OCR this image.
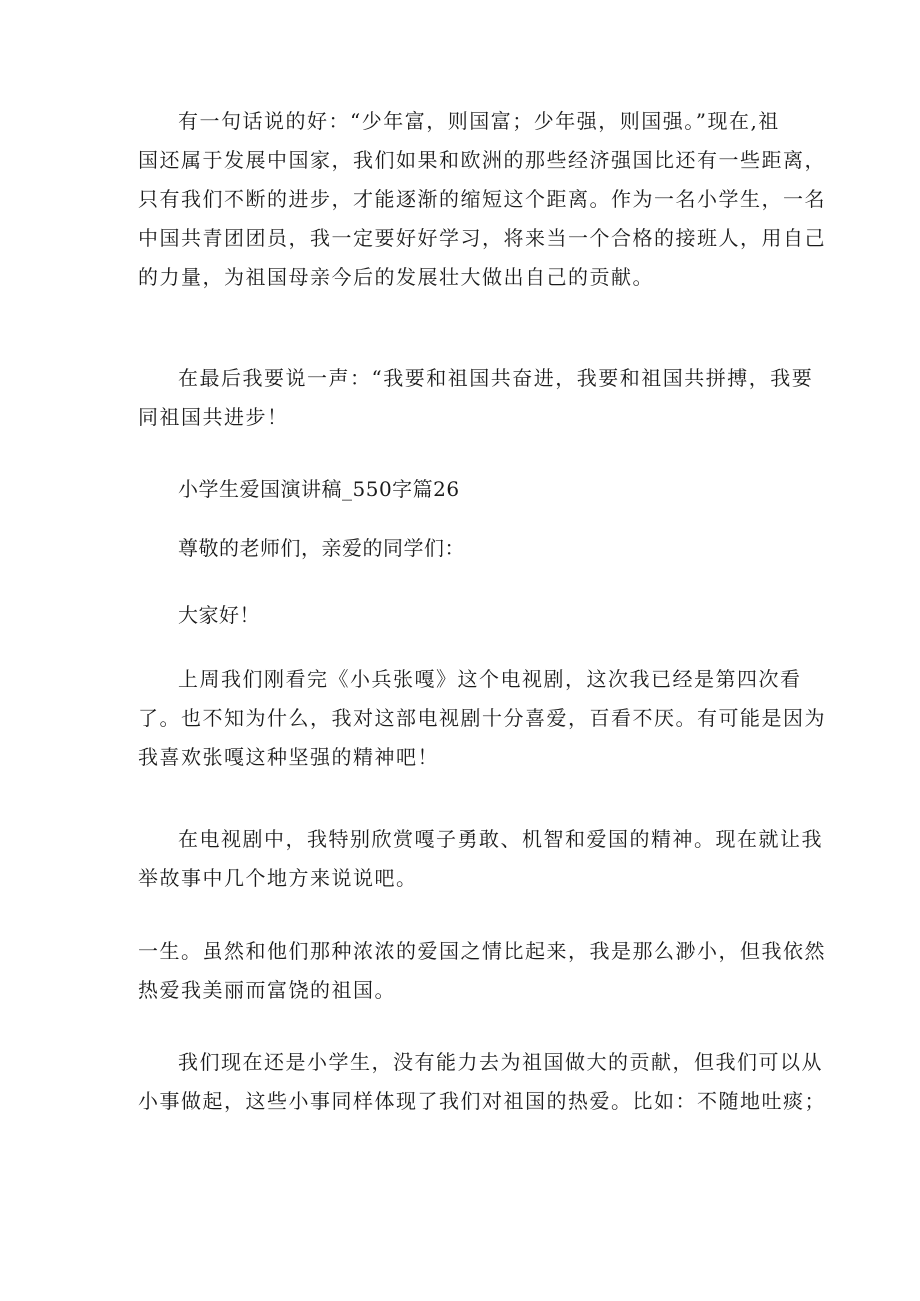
有一句话说的好：“少年富，则国富；少年强，则国强。”现在,祖
国还属于发展中国家，我们如果和欧洲的那些经济强国比还有一些距离，
只有我们不断的进步，才能逐渐的缩短这个距离。作为一名小学生，一名
中国共青团团员，我一定要好好学习，将来当一个合格的接班人，用自己
的力量，为祖国母亲今后的发展壮大做出自己的贡献。

在最后我要说一声：“我要和祖国共奋进，我要和祖国共拼搏，我要
同祖国共进步！

小学生爱国演讲稿_550字篇26

尊敬的老师们，亲爱的同学们：

大家好！

上周我们刚看完《小兵张嘎》这个电视剧，这次我已经是第四次看
了。也不知为什么，我对这部电视剧十分喜爱，百看不厌。有可能是因为
我喜欢张嘎这种坚强的精神吧！

在电视剧中，我特别欣赏嘎子勇敢、机智和爱国的精神。现在就让我
举故事中几个地方来说说吧。

一生。虽然和他们那种浓浓的爱国之情比起来，我是那么渺小，但我依然
热爱我美丽而富饶的祖国。

我们现在还是小学生，没有能力去为祖国做大的贡献，但我们可以从
小事做起，这些小事同样体现了我们对祖国的热爱。比如：不随地吐痰；
